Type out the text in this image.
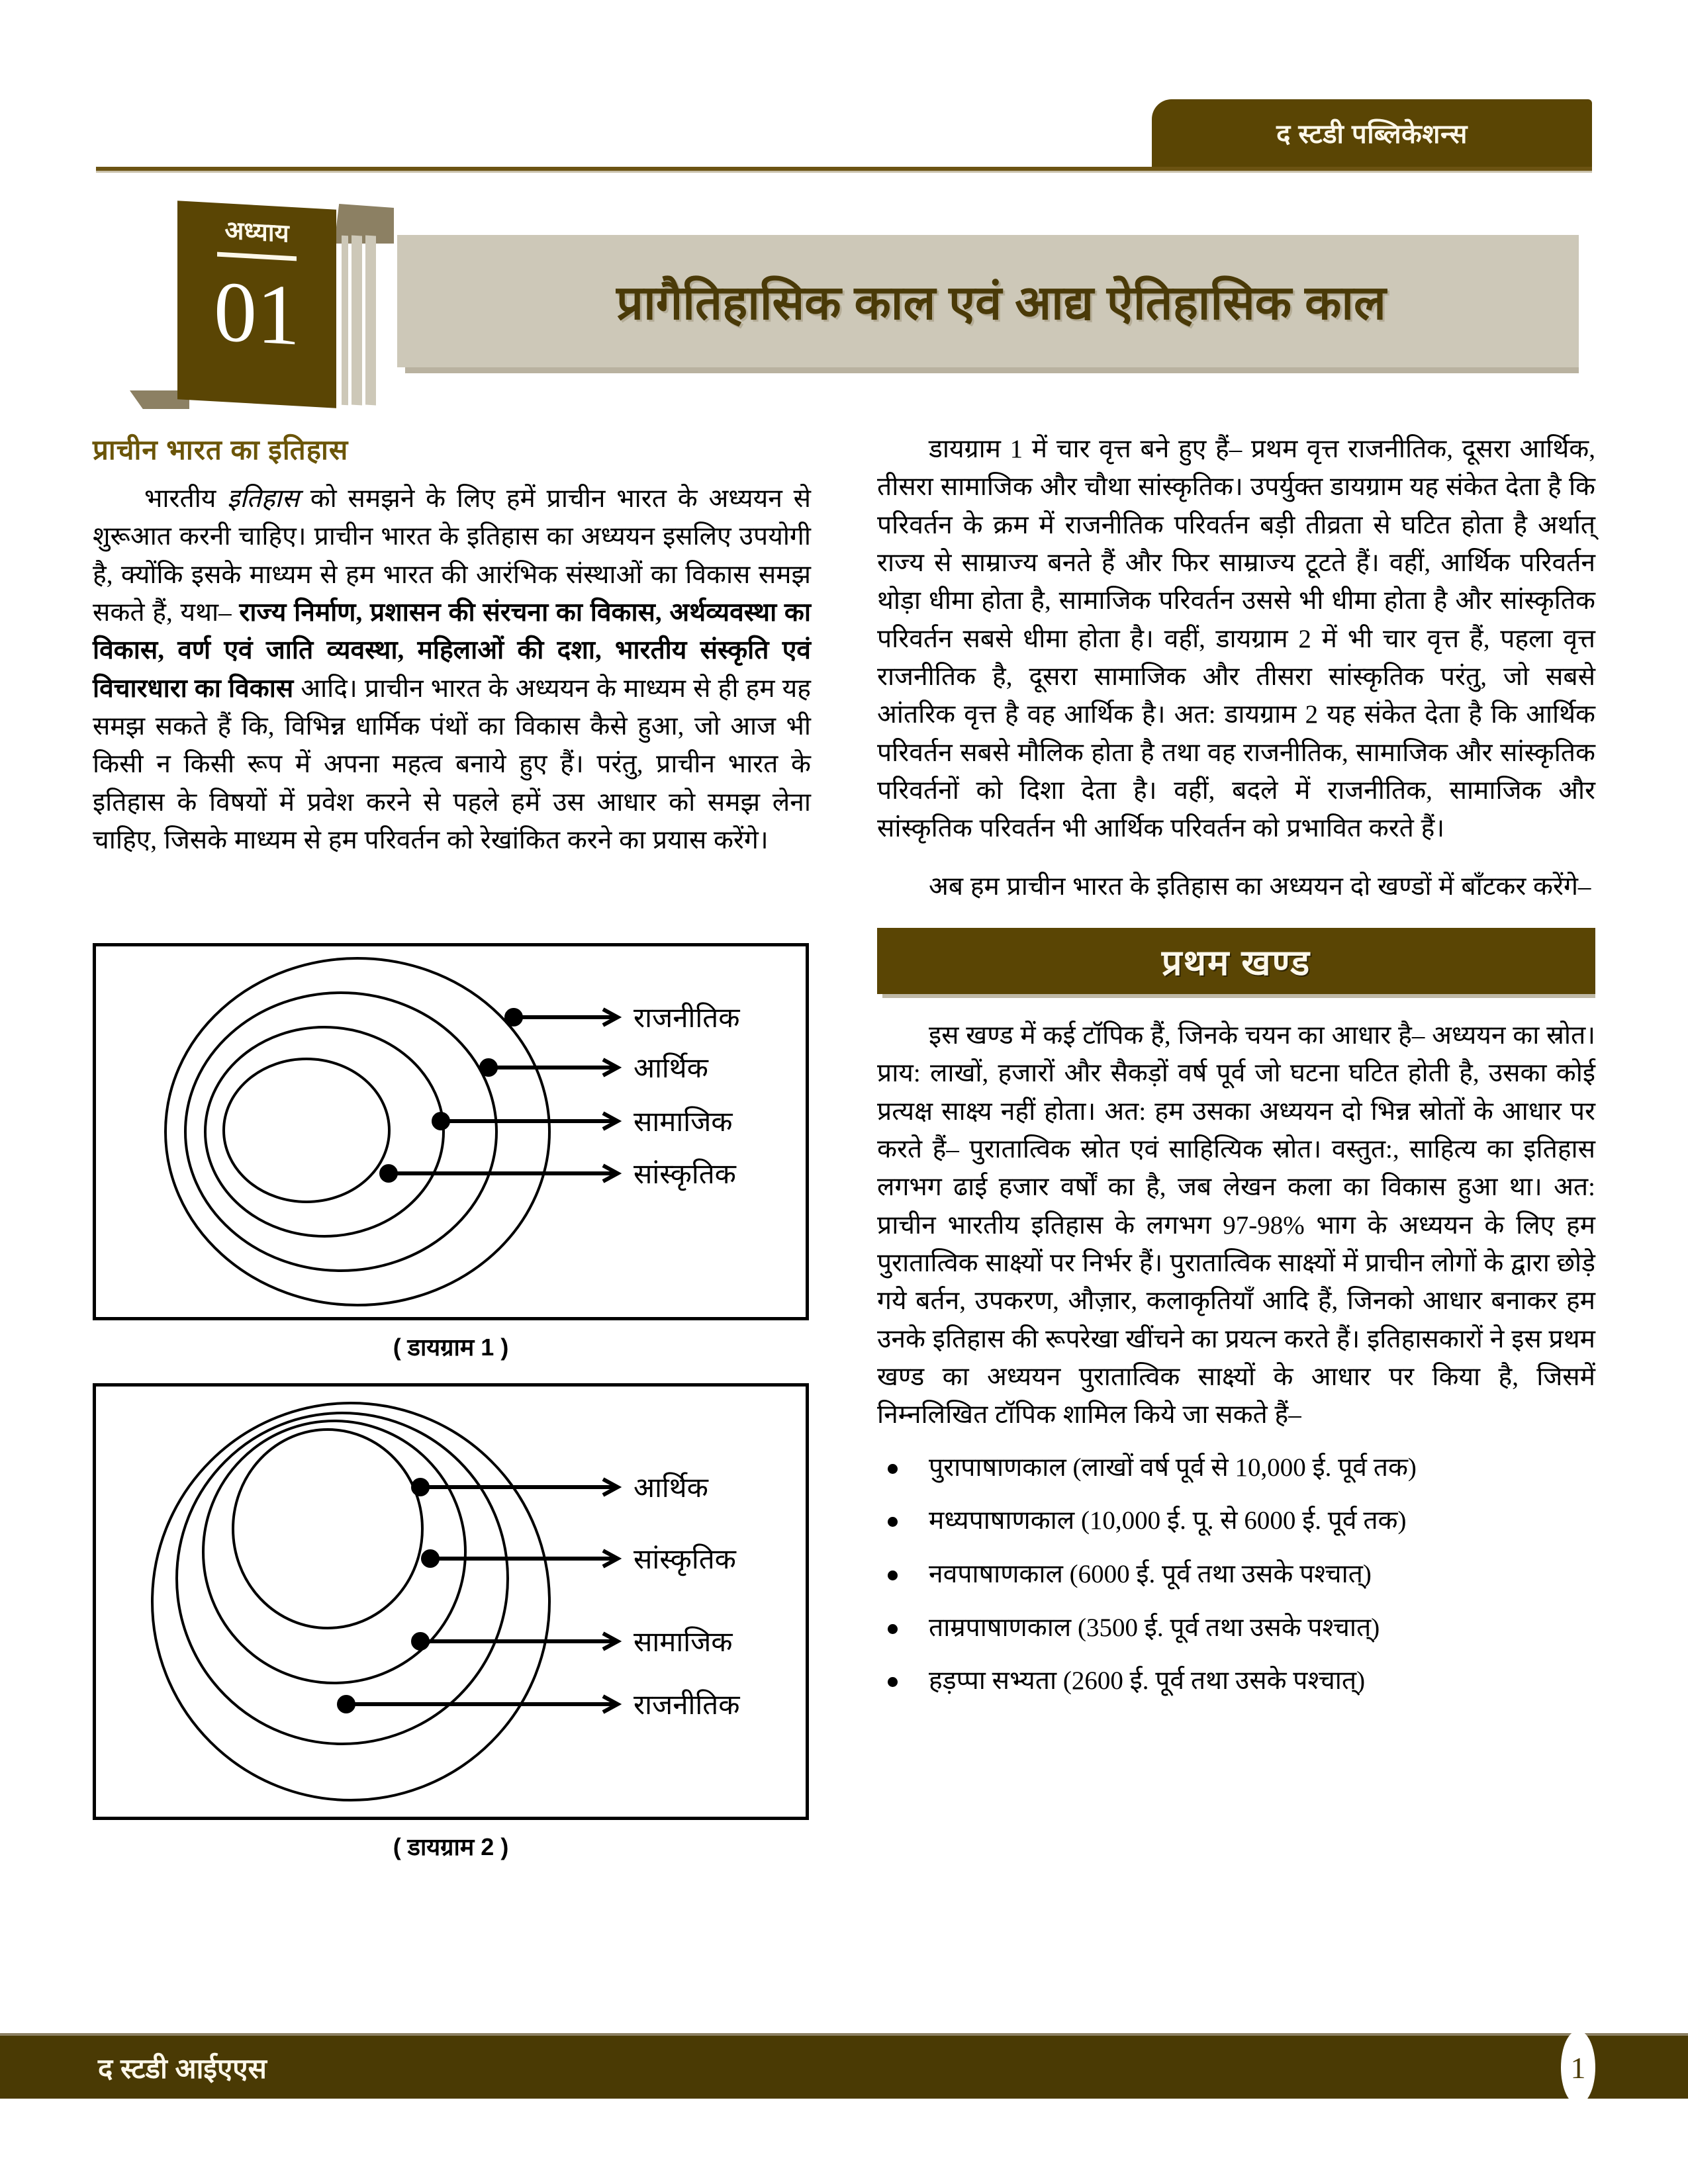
द स्टडी पब्लिकेशन्स
प्रागैतिहासिक काल एवं आद्य ऐतिहासिक काल
अध्याय
01
प्राचीन भारत का इतिहास

भारतीय इतिहास को समझने के लिए हमें प्राचीन भारत के अध्ययन से शुरूआत करनी चाहिए। प्राचीन भारत के इतिहास का अध्ययन इसलिए उपयोगी है, क्योंकि इसके माध्यम से हम भारत की आरंभिक संस्थाओं का विकास समझ सकते हैं, यथा– राज्य निर्माण, प्रशासन की संरचना का विकास, अर्थव्यवस्था का विकास, वर्ण एवं जाति व्यवस्था, महिलाओं की दशा, भारतीय संस्कृति एवं विचारधारा का विकास आदि। प्राचीन भारत के अध्ययन के माध्यम से ही हम यह समझ सकते हैं कि, विभिन्न धार्मिक पंथों का विकास कैसे हुआ, जो आज भी किसी न किसी रूप में अपना महत्व बनाये हुए हैं। परंतु, प्राचीन भारत के इतिहास के विषयों में प्रवेश करने से पहले हमें उस आधार को समझ लेना चाहिए, जिसके माध्यम से हम परिवर्तन को रेखांकित करने का प्रयास करेंगे।

राजनीतिक
आर्थिक
सामाजिक
सांस्कृतिक
( डायग्राम 1 )
आर्थिक
सांस्कृतिक
सामाजिक
राजनीतिक
( डायग्राम 2 )

डायग्राम 1 में चार वृत्त बने हुए हैं– प्रथम वृत्त राजनीतिक, दूसरा आर्थिक, तीसरा सामाजिक और चौथा सांस्कृतिक। उपर्युक्त डायग्राम यह संकेत देता है कि परिवर्तन के क्रम में राजनीतिक परिवर्तन बड़ी तीव्रता से घटित होता है अर्थात् राज्य से साम्राज्य बनते हैं और फिर साम्राज्य टूटते हैं। वहीं, आर्थिक परिवर्तन थोड़ा धीमा होता है, सामाजिक परिवर्तन उससे भी धीमा होता है और सांस्कृतिक परिवर्तन सबसे धीमा होता है। वहीं, डायग्राम 2 में भी चार वृत्त हैं, पहला वृत्त राजनीतिक है, दूसरा सामाजिक और तीसरा सांस्कृतिक परंतु, जो सबसे आंतरिक वृत्त है वह आर्थिक है। अत: डायग्राम 2 यह संकेत देता है कि आर्थिक परिवर्तन सबसे मौलिक होता है तथा वह राजनीतिक, सामाजिक और सांस्कृतिक परिवर्तनों को दिशा देता है। वहीं, बदले में राजनीतिक, सामाजिक और सांस्कृतिक परिवर्तन भी आर्थिक परिवर्तन को प्रभावित करते हैं।

अब हम प्राचीन भारत के इतिहास का अध्ययन दो खण्डों में बाँटकर करेंगे–

प्रथम खण्ड

इस खण्ड में कई टॉपिक हैं, जिनके चयन का आधार है– अध्ययन का स्रोत। प्राय: लाखों, हजारों और सैकड़ों वर्ष पूर्व जो घटना घटित होती है, उसका कोई प्रत्यक्ष साक्ष्य नहीं होता। अत: हम उसका अध्ययन दो भिन्न स्रोतों के आधार पर करते हैं– पुरातात्विक स्रोत एवं साहित्यिक स्रोत। वस्तुत:, साहित्य का इतिहास लगभग ढाई हजार वर्षों का है, जब लेखन कला का विकास हुआ था। अत: प्राचीन भारतीय इतिहास के लगभग 97-98% भाग के अध्ययन के लिए हम पुरातात्विक साक्ष्यों पर निर्भर हैं। पुरातात्विक साक्ष्यों में प्राचीन लोगों के द्वारा छोड़े गये बर्तन, उपकरण, औज़ार, कलाकृतियाँ आदि हैं, जिनको आधार बनाकर हम उनके इतिहास की रूपरेखा खींचने का प्रयत्न करते हैं। इतिहासकारों ने इस प्रथम खण्ड का अध्ययन पुरातात्विक साक्ष्यों के आधार पर किया है, जिसमें निम्नलिखित टॉपिक शामिल किये जा सकते हैं–

पुरापाषाणकाल (लाखों वर्ष पूर्व से 10,000 ई. पूर्व तक)
मध्यपाषाणकाल (10,000 ई. पू. से 6000 ई. पूर्व तक)
नवपाषाणकाल (6000 ई. पूर्व तथा उसके पश्चात्)
ताम्रपाषाणकाल (3500 ई. पूर्व तथा उसके पश्चात्)
हड़प्पा सभ्यता (2600 ई. पूर्व तथा उसके पश्चात्)
द स्टडी आईएएस	1
